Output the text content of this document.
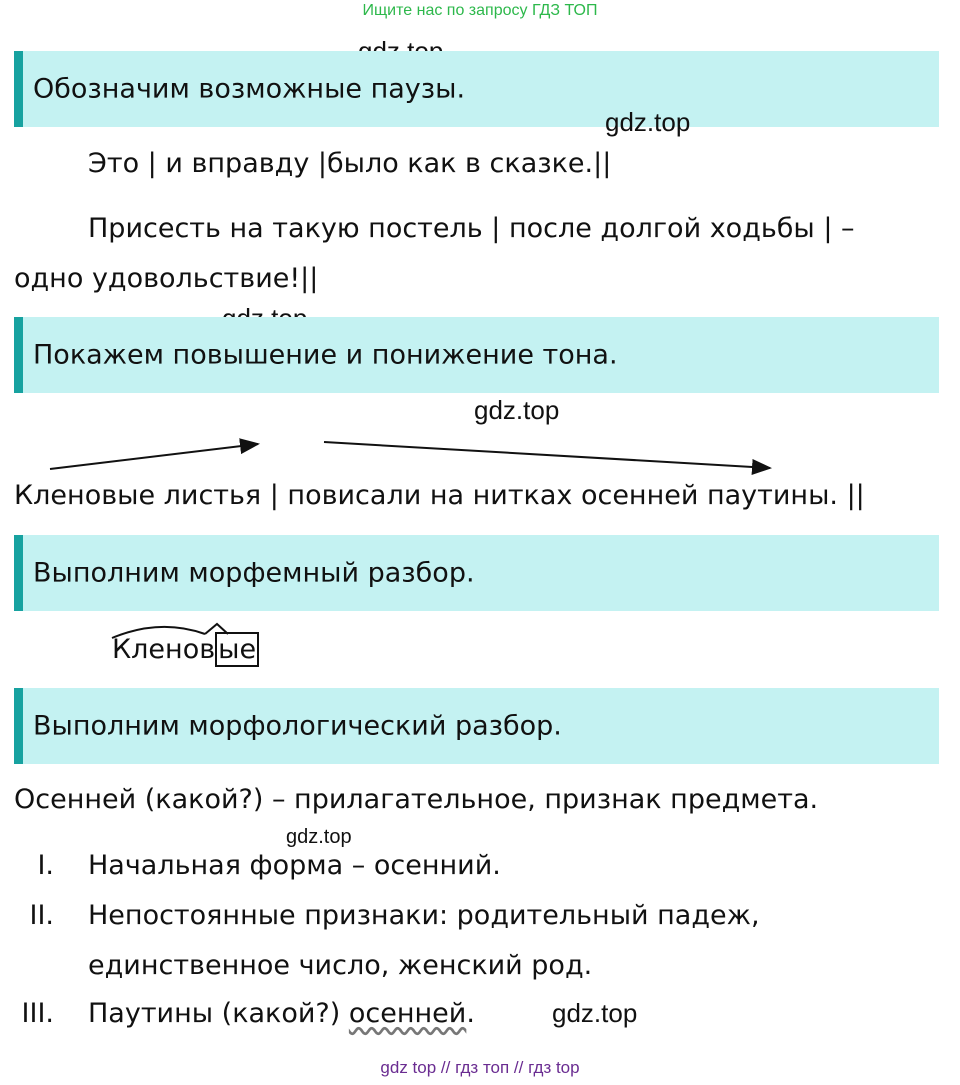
Ищите нас по запросу ГДЗ ТОП
Обозначим возможные паузы.
gdz.top
Это | и вправду |было как в сказке.||
Присесть на такую постель | после долгой ходьбы | –
одно удовольствие!||
Покажем повышение и понижение тона.
gdz.top
Кленовые листья | повисали на нитках осенней паутины. ||
Выполним морфемный разбор.
Кленов ые
Выполним морфологический разбор.
Осенней (какой?) – прилагательное, признак предмета.
gdz.top
I. Начальная форма – осенний.
II. Непостоянные признаки: родительный падеж,
единственное число, женский род.
III. Паутины (какой?) осенней.	gdz.top
gdz top // гдз топ // гдз top
